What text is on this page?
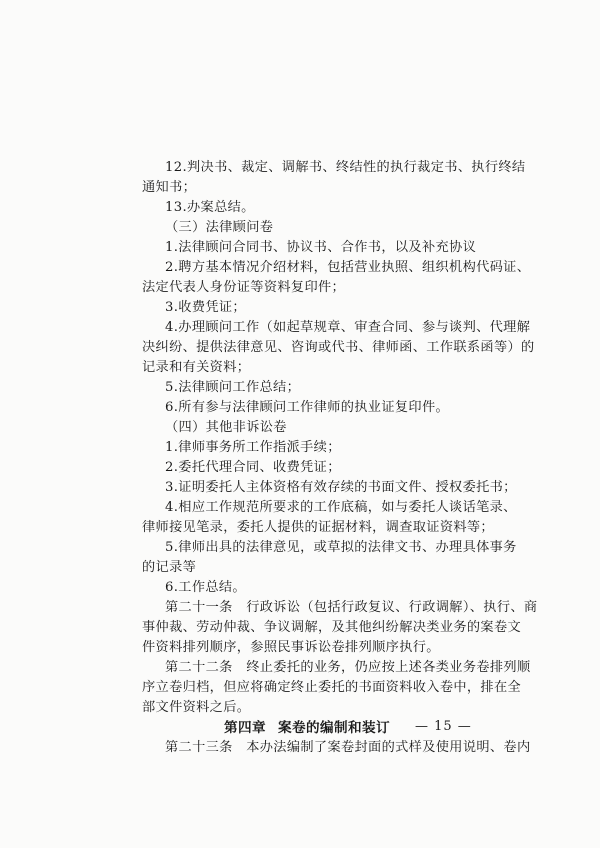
12.判决书、裁定、调解书、终结性的执行裁定书、执行终结
通知书；
13.办案总结。
（三）法律顾问卷
1.法律顾问合同书、协议书、合作书，以及补充协议
2.聘方基本情况介绍材料，包括营业执照、组织机构代码证、
法定代表人身份证等资料复印件；
3.收费凭证；
4.办理顾问工作（如起草规章、审查合同、参与谈判、代理解
决纠纷、提供法律意见、咨询或代书、律师函、工作联系函等）的
记录和有关资料；
5.法律顾问工作总结；
6.所有参与法律顾问工作律师的执业证复印件。
（四）其他非诉讼卷
1.律师事务所工作指派手续；
2.委托代理合同、收费凭证；
3.证明委托人主体资格有效存续的书面文件、授权委托书；
4.相应工作规范所要求的工作底稿，如与委托人谈话笔录、
律师接见笔录，委托人提供的证据材料，调查取证资料等；
5.律师出具的法律意见，或草拟的法律文书、办理具体事务
的记录等
6.工作总结。
第二十一条　行政诉讼（包括行政复议、行政调解）、执行、商
事仲裁、劳动仲裁、争议调解，及其他纠纷解决类业务的案卷文
件资料排列顺序，参照民事诉讼卷排列顺序执行。
第二十二条　终止委托的业务，仍应按上述各类业务卷排列顺
序立卷归档，但应将确定终止委托的书面资料收入卷中，排在全
部文件资料之后。
第四章 案卷的编制和装订
第二十三条　本办法编制了案卷封面的式样及使用说明、卷内
— 15 —
